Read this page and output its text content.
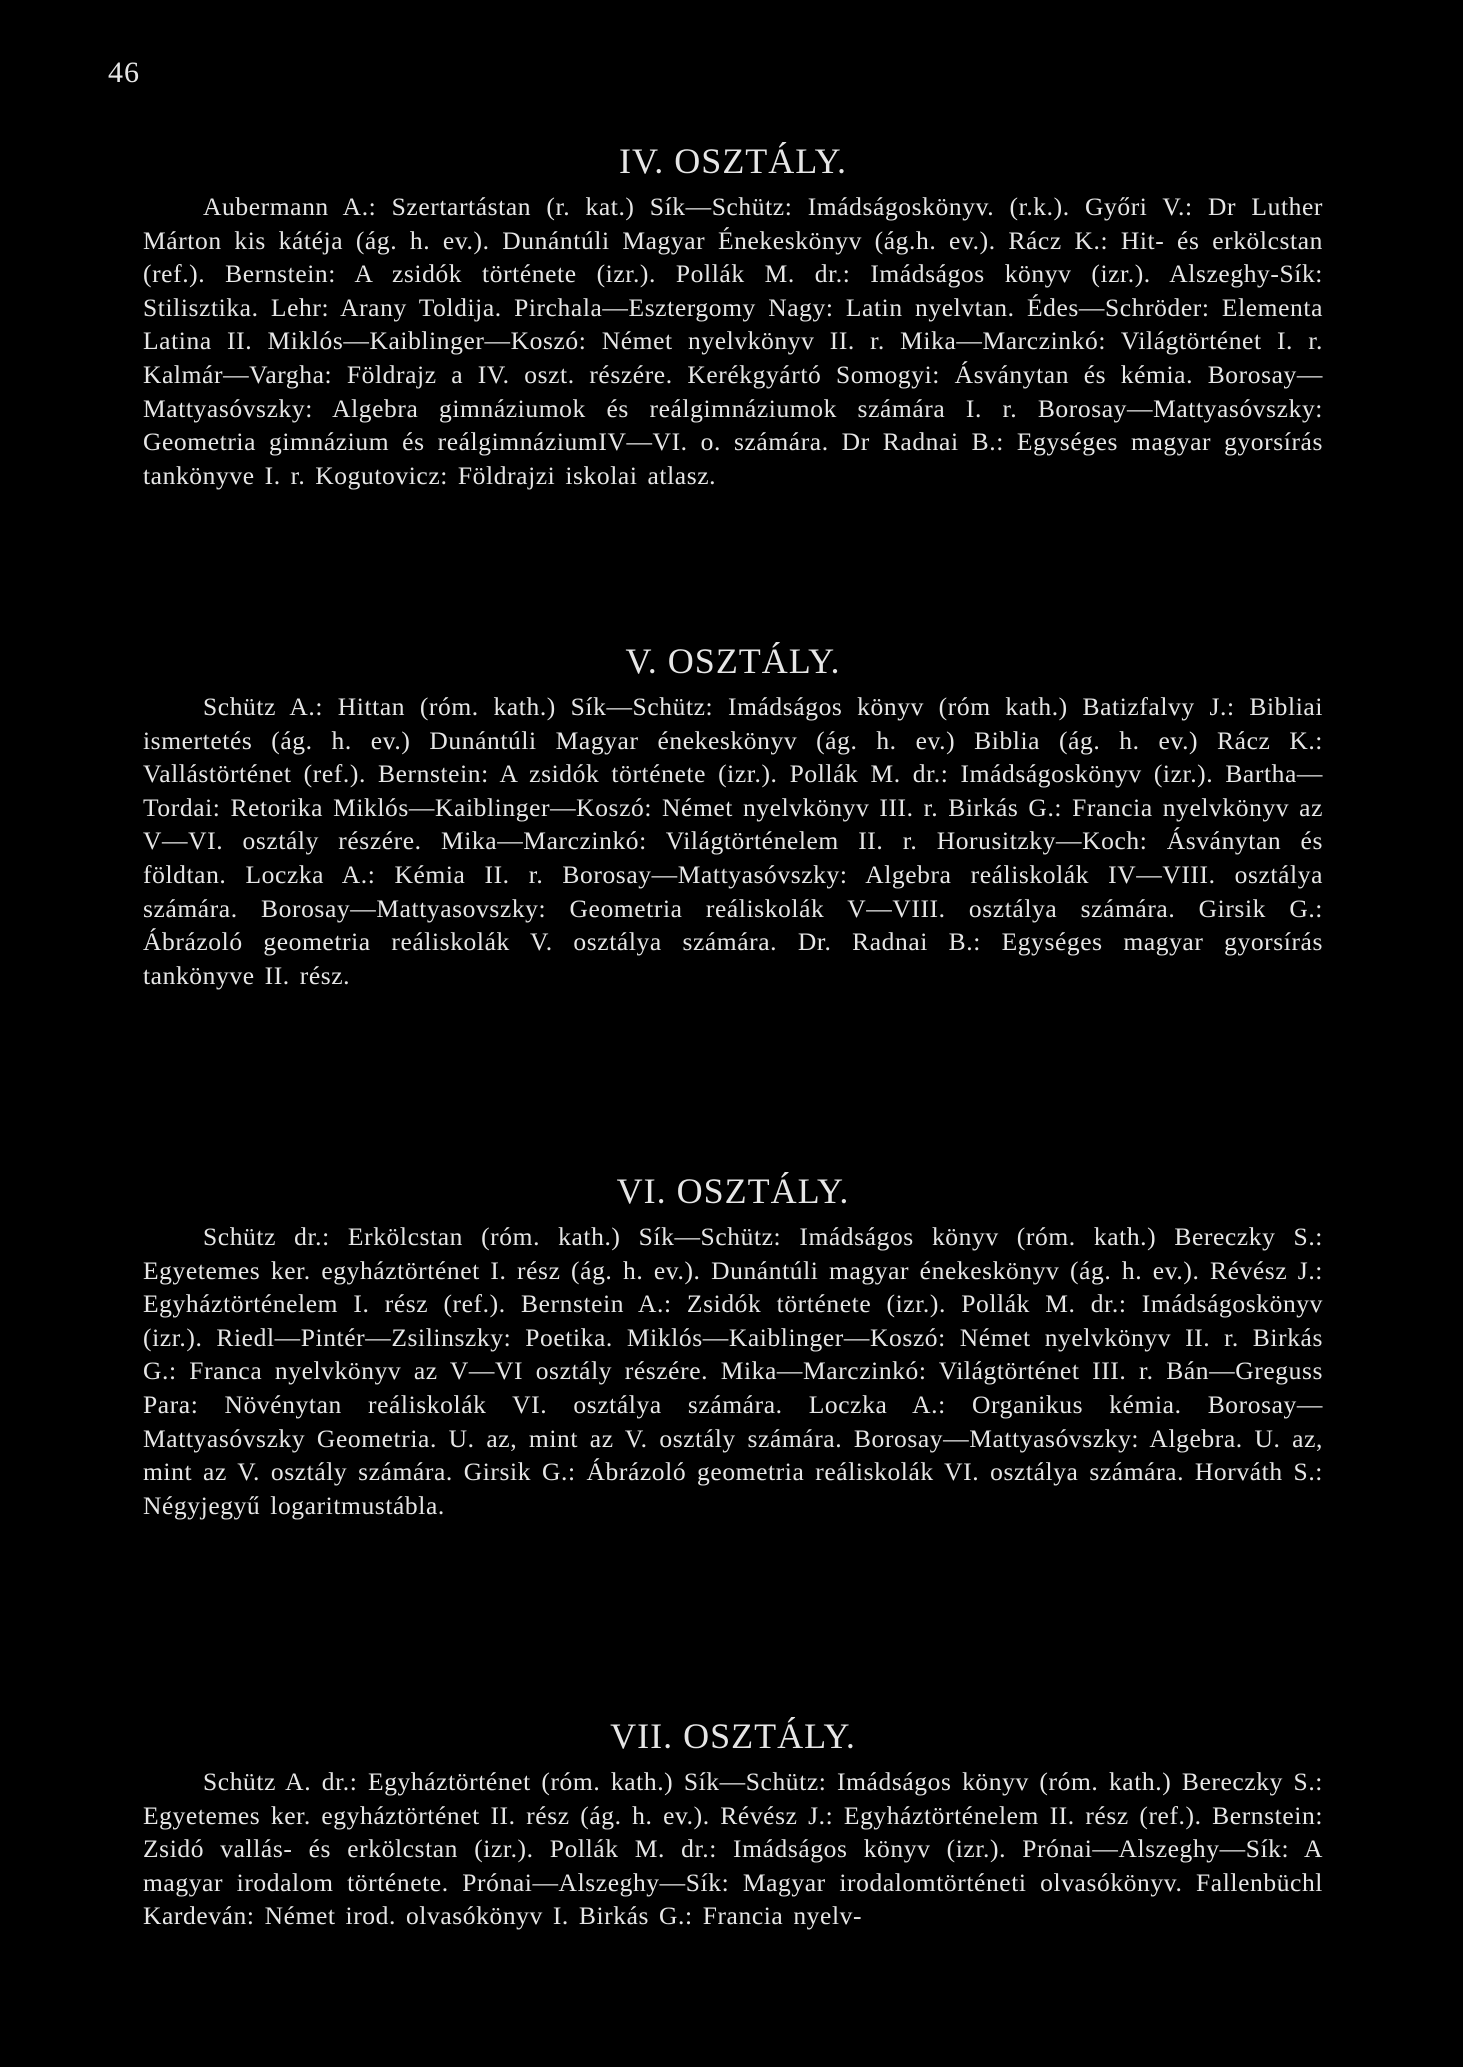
46
IV. OSZTÁLY.

Aubermann A.: Szertartástan (r. kat.) Sík—Schütz: Imádságoskönyv. (r.k.). Győri V.: Dr Luther Márton kis kátéja (ág. h. ev.). Dunántúli Magyar Énekeskönyv (ág.h. ev.). Rácz K.: Hit- és erkölcstan (ref.). Bernstein: A zsidók története (izr.). Pollák M. dr.: Imádságos könyv (izr.). Alszeghy-Sík: Stilisztika. Lehr: Arany Toldija. Pirchala—Esztergomy Nagy: Latin nyelvtan. Édes—Schröder: Elementa Latina II. Miklós—Kaiblinger—Koszó: Német nyelvkönyv II. r. Mika—Marczinkó: Világtörténet I. r. Kalmár—Vargha: Földrajz a IV. oszt. részére. Kerékgyártó Somogyi: Ásványtan és kémia. Borosay—Mattyasóvszky: Algebra gimnáziumok és reálgimnáziumok számára I. r. Borosay—Mattyasóvszky: Geometria gimnázium és reálgimnáziumIV—VI. o. számára. Dr Radnai B.: Egységes magyar gyorsírás tankönyve I. r. Kogutovicz: Földrajzi iskolai atlasz.

V. OSZTÁLY.

Schütz A.: Hittan (róm. kath.) Sík—Schütz: Imádságos könyv (róm kath.) Batizfalvy J.: Bibliai ismertetés (ág. h. ev.) Dunántúli Magyar énekeskönyv (ág. h. ev.) Biblia (ág. h. ev.) Rácz K.: Vallástörténet (ref.). Bernstein: A zsidók története (izr.). Pollák M. dr.: Imádságoskönyv (izr.). Bartha—Tordai: Retorika Miklós—Kaiblinger—Koszó: Német nyelvkönyv III. r. Birkás G.: Francia nyelvkönyv az V—VI. osztály részére. Mika—Marczinkó: Világtörténelem II. r. Horusitzky—Koch: Ásványtan és földtan. Loczka A.: Kémia II. r. Borosay—Mattyasóvszky: Algebra reáliskolák IV—VIII. osztálya számára. Borosay—Mattyasovszky: Geometria reáliskolák V—VIII. osztálya számára. Girsik G.: Ábrázoló geometria reáliskolák V. osztálya számára. Dr. Radnai B.: Egységes magyar gyorsírás tankönyve II. rész.

VI. OSZTÁLY.

Schütz dr.: Erkölcstan (róm. kath.) Sík—Schütz: Imádságos könyv (róm. kath.) Bereczky S.: Egyetemes ker. egyháztörténet I. rész (ág. h. ev.). Dunántúli magyar énekeskönyv (ág. h. ev.). Révész J.: Egyháztörténelem I. rész (ref.). Bernstein A.: Zsidók története (izr.). Pollák M. dr.: Imádságoskönyv (izr.). Riedl—Pintér—Zsilinszky: Poetika. Miklós—Kaiblinger—Koszó: Német nyelvkönyv II. r. Birkás G.: Franca nyelvkönyv az V—VI osztály részére. Mika—Marczinkó: Világtörténet III. r. Bán—Greguss Para: Növénytan reáliskolák VI. osztálya számára. Loczka A.: Organikus kémia. Borosay—Mattyasóvszky Geometria. U. az, mint az V. osztály számára. Borosay—Mattyasóvszky: Algebra. U. az, mint az V. osztály számára. Girsik G.: Ábrázoló geometria reáliskolák VI. osztálya számára. Horváth S.: Négyjegyű logaritmustábla.

VII. OSZTÁLY.

Schütz A. dr.: Egyháztörténet (róm. kath.) Sík—Schütz: Imádságos könyv (róm. kath.) Bereczky S.: Egyetemes ker. egyháztörténet II. rész (ág. h. ev.). Révész J.: Egyháztörténelem II. rész (ref.). Bernstein: Zsidó vallás- és erkölcstan (izr.). Pollák M. dr.: Imádságos könyv (izr.). Prónai—Alszeghy—Sík: A magyar irodalom története. Prónai—Alszeghy—Sík: Magyar irodalomtörténeti olvasókönyv. Fallenbüchl Kardeván: Német irod. olvasókönyv I. Birkás G.: Francia nyelv-
